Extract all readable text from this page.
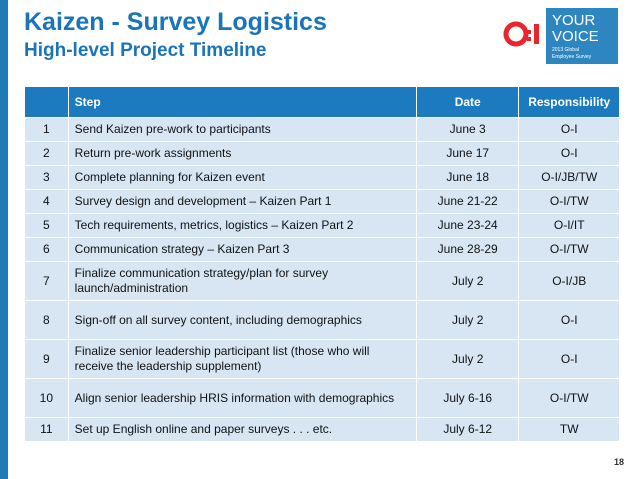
Kaizen - Survey Logistics
High-level Project Timeline
YOUR
VOICE
2013 Global
Employee Survey
	Step	Date	Responsibility
1	Send Kaizen pre-work to participants	June 3	O-I
2	Return pre-work assignments	June 17	O-I
3	Complete planning for Kaizen event	June 18	O-I/JB/TW
4	Survey design and development – Kaizen Part 1	June 21-22	O-I/TW
5	Tech requirements, metrics, logistics – Kaizen Part 2	June 23-24	O-I/IT
6	Communication strategy – Kaizen Part 3	June 28-29	O-I/TW
7	Finalize communication strategy/plan for survey launch/administration	July 2	O-I/JB
8	Sign-off on all survey content, including demographics	July 2	O-I
9	Finalize senior leadership participant list (those who will receive the leadership supplement)	July 2	O-I
10	Align senior leadership HRIS information with demographics	July 6-16	O-I/TW
11	Set up English online and paper surveys . . . etc.	July 6-12	TW
18
